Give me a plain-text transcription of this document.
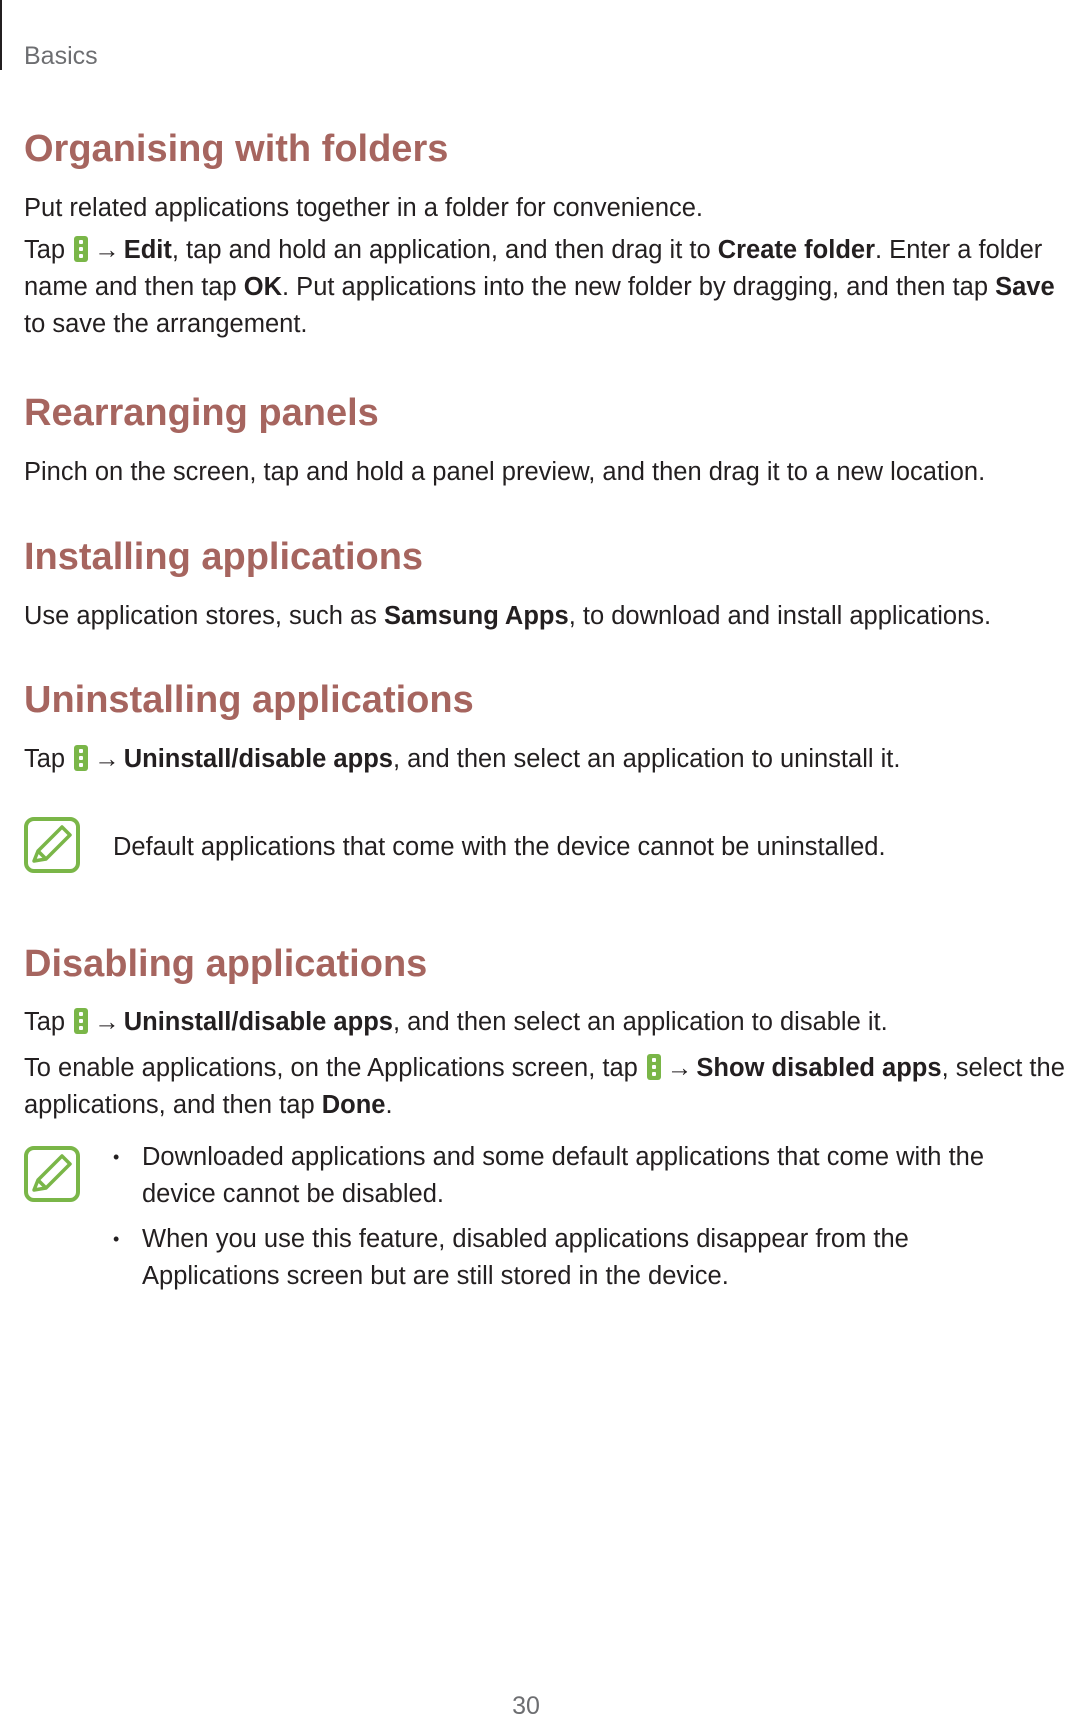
Basics
Organising with folders

Put related applications together in a folder for convenience.

Tap → Edit, tap and hold an application, and then drag it to Create folder. Enter a folder

name and then tap OK. Put applications into the new folder by dragging, and then tap Save

to save the arrangement.

Rearranging panels

Pinch on the screen, tap and hold a panel preview, and then drag it to a new location.

Installing applications

Use application stores, such as Samsung Apps, to download and install applications.

Uninstalling applications

Tap → Uninstall/disable apps, and then select an application to uninstall it.

Default applications that come with the device cannot be uninstalled.

Disabling applications

Tap → Uninstall/disable apps, and then select an application to disable it.

To enable applications, on the Applications screen, tap → Show disabled apps, select the

applications, and then tap Done.

• Downloaded applications and some default applications that come with the device cannot be disabled.
• When you use this feature, disabled applications disappear from the Applications screen but are still stored in the device.
30
